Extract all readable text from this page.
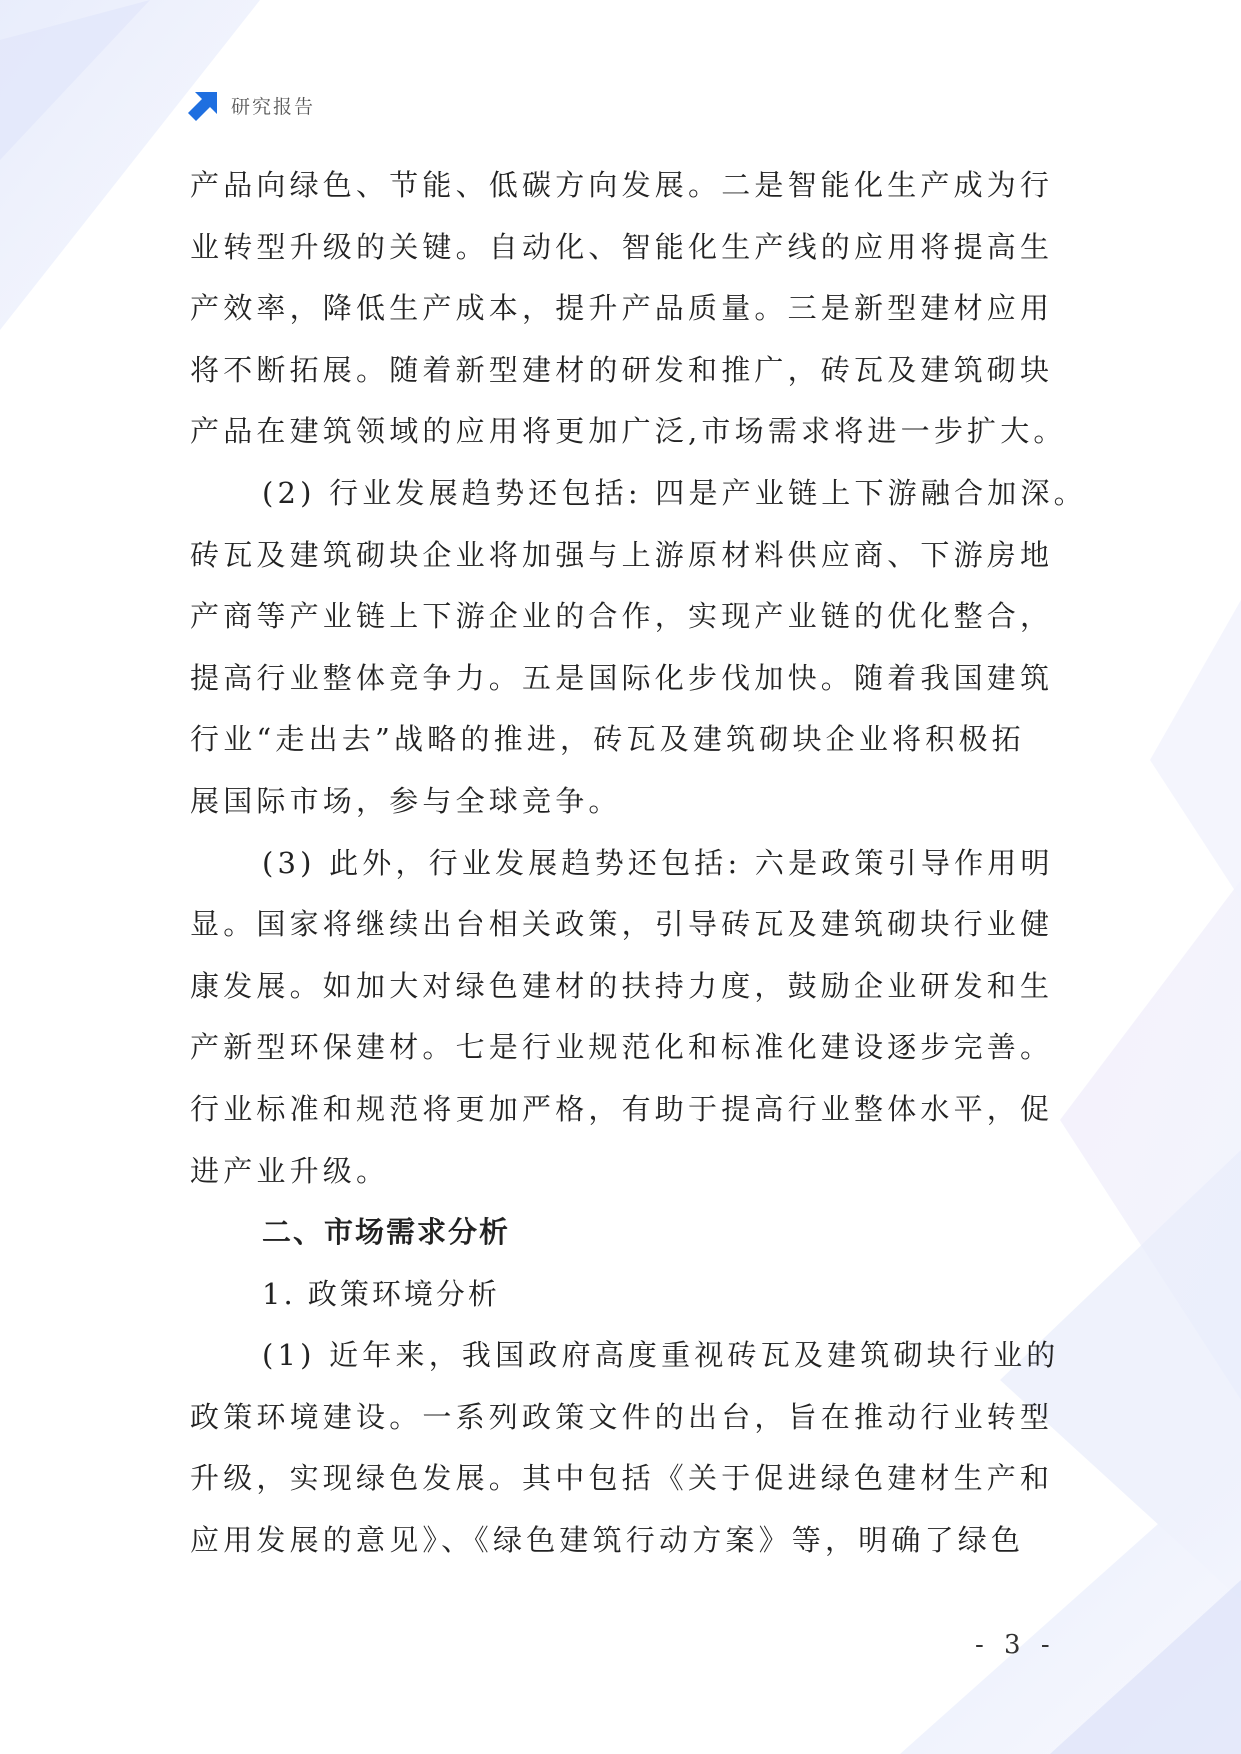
研究报告
产品向绿色、节能、低碳方向发展。二是智能化生产成为行
业转型升级的关键。自动化、智能化生产线的应用将提高生
产效率，降低生产成本，提升产品质量。三是新型建材应用
将不断拓展。随着新型建材的研发和推广，砖瓦及建筑砌块
产品在建筑领域的应用将更加广泛,市场需求将进一步扩大。
(2) 行业发展趋势还包括: 四是产业链上下游融合加深。
砖瓦及建筑砌块企业将加强与上游原材料供应商、下游房地
产商等产业链上下游企业的合作，实现产业链的优化整合，
提高行业整体竞争力。五是国际化步伐加快。随着我国建筑
行业“走出去”战略的推进，砖瓦及建筑砌块企业将积极拓
展国际市场，参与全球竞争。
(3) 此外，行业发展趋势还包括: 六是政策引导作用明
显。国家将继续出台相关政策，引导砖瓦及建筑砌块行业健
康发展。如加大对绿色建材的扶持力度，鼓励企业研发和生
产新型环保建材。七是行业规范化和标准化建设逐步完善。
行业标准和规范将更加严格，有助于提高行业整体水平，促
进产业升级。
二、市场需求分析
1. 政策环境分析
(1) 近年来，我国政府高度重视砖瓦及建筑砌块行业的
政策环境建设。一系列政策文件的出台，旨在推动行业转型
升级，实现绿色发展。其中包括《关于促进绿色建材生产和
应用发展的意见》、《绿色建筑行动方案》等，明确了绿色
- 3 -
